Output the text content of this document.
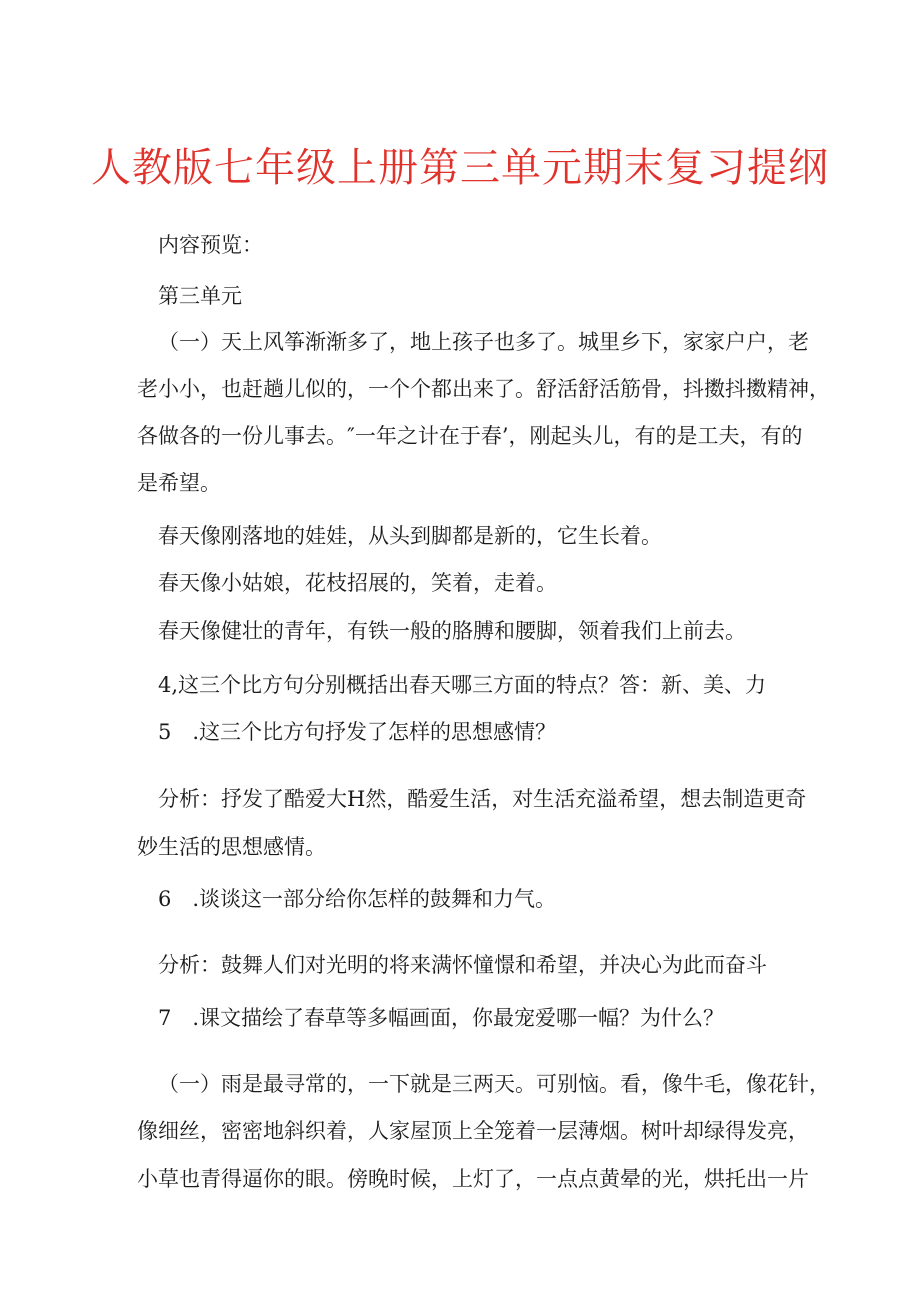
人教版七年级上册第三单元期末复习提纲
内容预览：
第三单元
（一）天上风筝渐渐多了，地上孩子也多了。城里乡下，家家户户，老
老小小，也赶趟儿似的，一个个都出来了。舒活舒活筋骨，抖擞抖擞精神，
各做各的一份儿事去。″一年之计在于春’，刚起头儿，有的是工夫，有的
是希望。
春天像刚落地的娃娃，从头到脚都是新的，它生长着。
春天像小姑娘，花枝招展的，笑着，走着。
春天像健壮的青年，有铁一般的胳膊和腰脚，领着我们上前去。
4,这三个比方句分别概括出春天哪三方面的特点？答：新、美、力
5　.这三个比方句抒发了怎样的思想感情？
分析：抒发了酷爱大H然，酷爱生活，对生活充溢希望，想去制造更奇
妙生活的思想感情。
6　.谈谈这一部分给你怎样的鼓舞和力气。
分析：鼓舞人们对光明的将来满怀憧憬和希望，并决心为此而奋斗
7　.课文描绘了春草等多幅画面，你最宠爱哪一幅？为什么？
（一）雨是最寻常的，一下就是三两天。可别恼。看，像牛毛，像花针，
像细丝，密密地斜织着，人家屋顶上全笼着一层薄烟。树叶却绿得发亮，
小草也青得逼你的眼。傍晚时候，上灯了，一点点黄晕的光，烘托出一片
